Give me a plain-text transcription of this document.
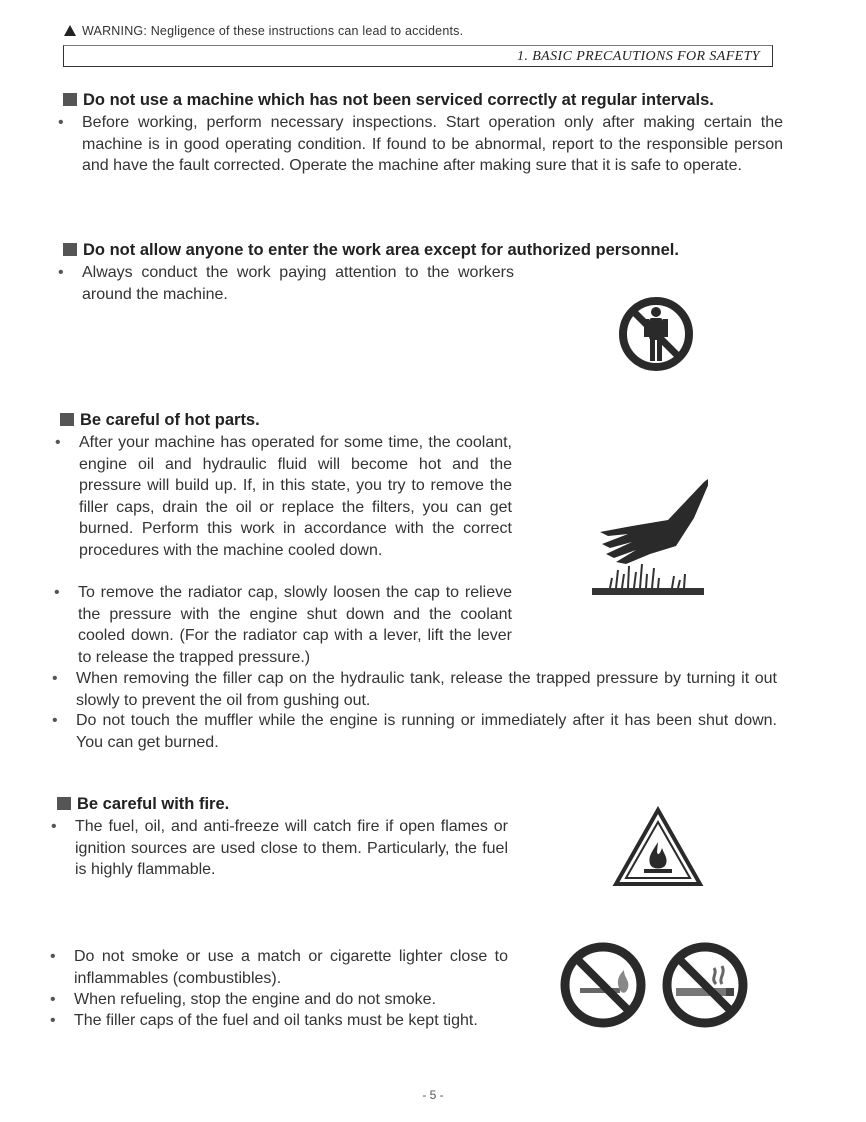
WARNING: Negligence of these instructions can lead to accidents.
1. BASIC PRECAUTIONS FOR SAFETY
Do not use a machine which has not been serviced correctly at regular intervals.
• Before working, perform necessary inspections. Start operation only after making certain the machine is in good operating condition. If found to be abnormal, report to the responsible person and have the fault corrected. Operate the machine after making sure that it is safe to operate.
Do not allow anyone to enter the work area except for authorized personnel.
• Always conduct the work paying attention to the workers around the machine.
Be careful of hot parts.
• After your machine has operated for some time, the coolant, engine oil and hydraulic fluid will become hot and the pressure will build up. If, in this state, you try to remove the filler caps, drain the oil or replace the filters, you can get burned. Perform this work in accordance with the correct procedures with the machine cooled down.
• To remove the radiator cap, slowly loosen the cap to relieve the pressure with the engine shut down and the coolant cooled down. (For the radiator cap with a lever, lift the lever to release the trapped pressure.)
• When removing the filler cap on the hydraulic tank, release the trapped pressure by turning it out slowly to prevent the oil from gushing out.
• Do not touch the muffler while the engine is running or immediately after it has been shut down. You can get burned.
Be careful with fire.
• The fuel, oil, and anti-freeze will catch fire if open flames or ignition sources are used close to them. Particularly, the fuel is highly flammable.
• Do not smoke or use a match or cigarette lighter close to inflammables (combustibles).
• When refueling, stop the engine and do not smoke.
• The filler caps of the fuel and oil tanks must be kept tight.
- 5 -
